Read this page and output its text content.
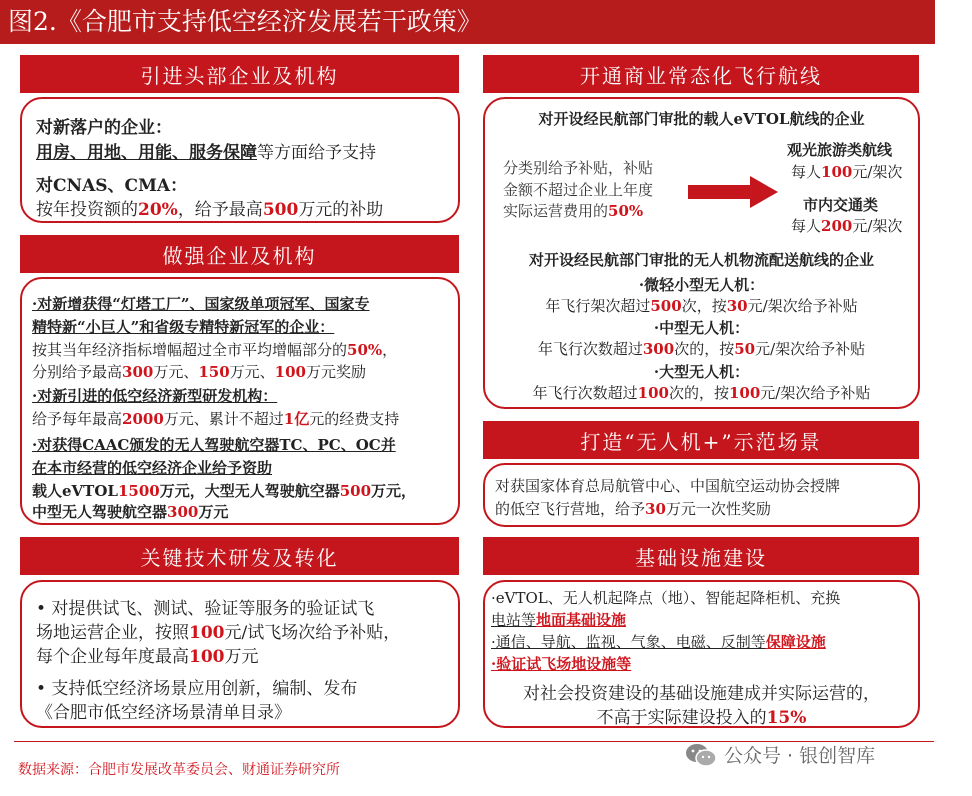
图2.《合肥市支持低空经济发展若干政策》
引进头部企业及机构
对新落户的企业：
用房、用地、用能、服务保障等方面给予支持
对CNAS、CMA：
按年投资额的20%，给予最高500万元的补助
做强企业及机构
·对新增获得“灯塔工厂”、国家级单项冠军、国家专
精特新“小巨人”和省级专精特新冠军的企业：
按其当年经济指标增幅超过全市平均增幅部分的50%，
分别给予最高300万元、150万元、100万元奖励
·对新引进的低空经济新型研发机构：
给予每年最高2000万元、累计不超过1亿元的经费支持
·对获得CAAC颁发的无人驾驶航空器TC、PC、OC并
在本市经营的低空经济企业给予资助
载人eVTOL1500万元，大型无人驾驶航空器500万元，
中型无人驾驶航空器300万元
关键技术研发及转化
• 对提供试飞、测试、验证等服务的验证试飞
场地运营企业，按照100元/试飞场次给予补贴，
每个企业每年度最高100万元
• 支持低空经济场景应用创新，编制、发布
《合肥市低空经济场景清单目录》
开通商业常态化飞行航线
对开设经民航部门审批的载人eVTOL航线的企业
分类别给予补贴，补贴
金额不超过企业上年度
实际运营费用的50%
观光旅游类航线
每人100元/架次
市内交通类
每人200元/架次
对开设经民航部门审批的无人机物流配送航线的企业
·微轻小型无人机：
年飞行架次超过500次，按30元/架次给予补贴
·中型无人机：
年飞行次数超过300次的，按50元/架次给予补贴
·大型无人机：
年飞行次数超过100次的，按100元/架次给予补贴
打造“无人机+”示范场景
对获国家体育总局航管中心、中国航空运动协会授牌
的低空飞行营地，给予30万元一次性奖励
基础设施建设
·eVTOL、无人机起降点（地）、智能起降柜机、充换
电站等地面基础设施
·通信、导航、监视、气象、电磁、反制等保障设施
·验证试飞场地设施等
对社会投资建设的基础设施建成并实际运营的，
不高于实际建设投入的15%
数据来源：合肥市发展改革委员会、财通证券研究所
公众号 · 银创智库
